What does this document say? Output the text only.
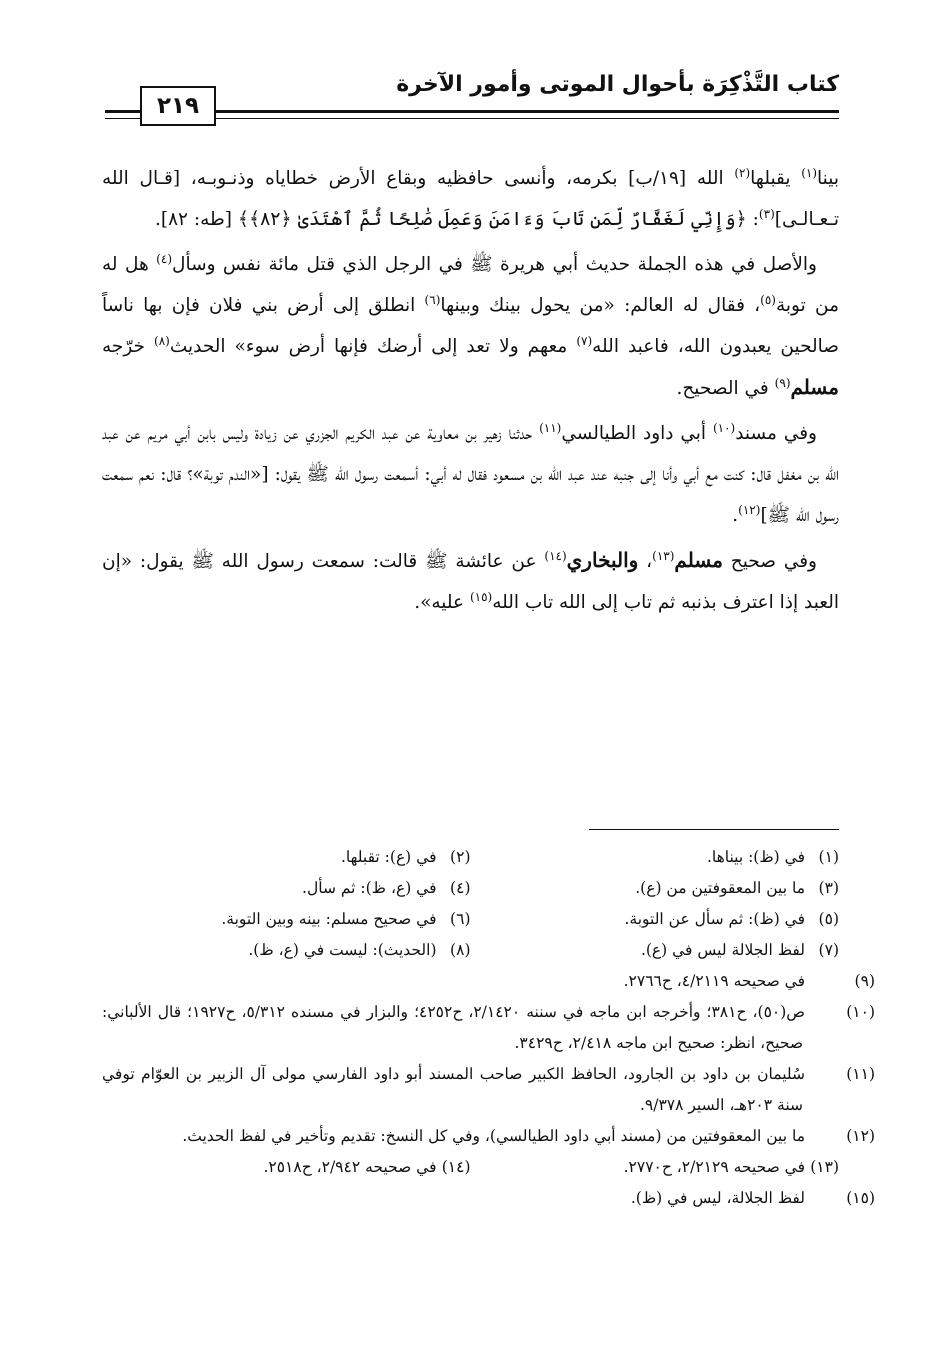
كتاب التَّذْكِرَة بأحوال الموتى وأمور الآخرة
٢١٩

بينا$^{(١)}$ يقبلها$^{(٢)}$ الله [١٩/ب] بكرمه، وأنسى حافظيه وبقاع الأرض خطاياه وذنـوبـه، [قـال الله تـعـالـى]$^{(٣)}$: ﴿وَإِنِّي لَغَفَّارٌ لِّمَن تَابَ وَءَامَنَ وَعَمِلَ صَٰلِحًا ثُمَّ ٱهْتَدَىٰ ﴿٨٢﴾﴾ [طه: ٨٢].

والأصل في هذه الجملة حديث أبي هريرة ﷺ في الرجل الذي قتل مائة نفس وسأل$^{(٤)}$ هل له من توبة$^{(٥)}$، فقال له العالم: «من يحول بينك وبينها$^{(٦)}$ انطلق إلى أرض بني فلان فإن بها ناساً صالحين يعبدون الله، فاعبد الله$^{(٧)}$ معهم ولا تعد إلى أرضك فإنها أرض سوء» الحديث$^{(٨)}$ خرّجه مسلم$^{(٩)}$ في الصحيح.

وفي مسند$^{(١٠)}$ أبي داود الطيالسي$^{(١١)}$ حدثنا زهير بن معاوية عن عبد الكريم الجزري عن زيادة وليس بابن أبي مريم عن عبد الله بن مغفل قال: كنت مع أبي وأنا إلى جنبه عند عبد الله بن مسعود فقال له أبي: أسمعت رسول الله ﷺ يقول: [«الندم توبة»؟ قال: نعم سمعت رسول الله ﷺ]$^{(١٢)}$.

وفي صحيح مسلم$^{(١٣)}$، والبخاري$^{(١٤)}$ عن عائشة ﷺ قالت: سمعت رسول الله ﷺ يقول: «إن العبد إذا اعترف بذنبه ثم تاب إلى الله تاب الله$^{(١٥)}$ عليه».

(١)في (ظ): بيناها.
(٢)في (ع): تقبلها.
(٣)ما بين المعقوفتين من (ع).
(٤)في (ع، ظ): ثم سأل.
(٥)في (ظ): ثم سأل عن التوبة.
(٦)في صحيح مسلم: بينه وبين التوبة.
(٧)لفظ الجلالة ليس في (ع).
(٨)(الحديث): ليست في (ع، ظ).
(٩)في صحيحه ٤/٢١١٩، ح٢٧٦٦.
(١٠)ص(٥٠)، ح٣٨١؛ وأخرجه ابن ماجه في سننه ٢/١٤٢٠، ح٤٢٥٢؛ والبزار في مسنده ٥/٣١٢، ح١٩٢٧؛ قال الألباني: صحيح، انظر: صحيح ابن ماجه ٢/٤١٨، ح٣٤٢٩.
(١١)سُليمان بن داود بن الجارود، الحافظ الكبير صاحب المسند أبو داود الفارسي مولى آل الزبير بن العوّام توفي سنة ٢٠٣هـ، السير ٩/٣٧٨.
(١٢)ما بين المعقوفتين من (مسند أبي داود الطيالسي)، وفي كل النسخ: تقديم وتأخير في لفظ الحديث.
(١٣)في صحيحه ٢/٢١٢٩، ح٢٧٧٠.
(١٤)في صحيحه ٢/٩٤٢، ح٢٥١٨.
(١٥)لفظ الجلالة، ليس في (ظ).
